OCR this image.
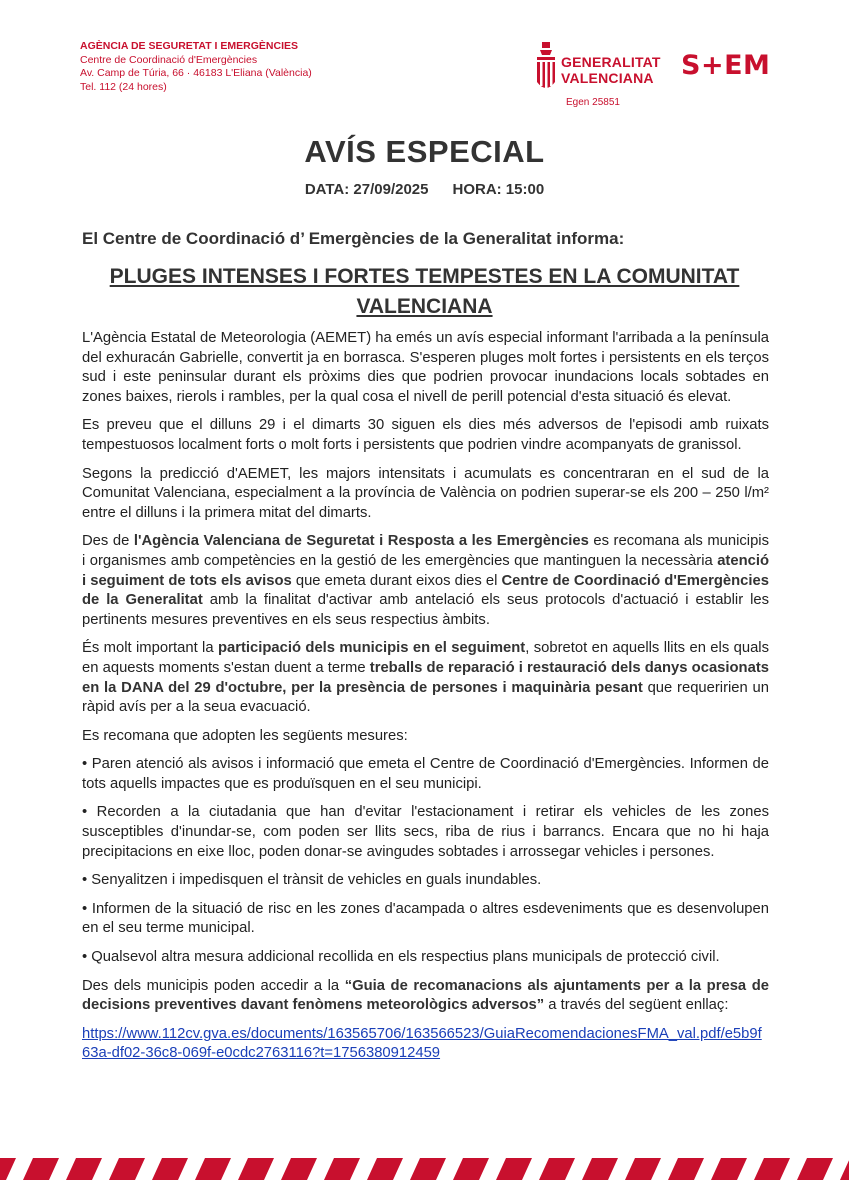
AGÈNCIA DE SEGURETAT I EMERGÈNCIES
Centre de Coordinació d'Emergències
Av. Camp de Túria, 66 · 46183 L'Eliana (València)
Tel. 112 (24 hores)
GENERALITAT
VALENCIANA S+EM
Egen 25851
AVÍS ESPECIAL
DATA: 27/09/2025 HORA: 15:00
El Centre de Coordinació d’ Emergències de la Generalitat informa:
PLUGES INTENSES I FORTES TEMPESTES EN LA COMUNITAT VALENCIANA

L'Agència Estatal de Meteorologia (AEMET) ha emés un avís especial informant l'arribada a la península del exhuracán Gabrielle, convertit ja en borrasca. S'esperen pluges molt fortes i persistents en els terços sud i este peninsular durant els pròxims dies que podrien provocar inundacions locals sobtades en zones baixes, rierols i rambles, per la qual cosa el nivell de perill potencial d'esta situació és elevat.

Es preveu que el dilluns 29 i el dimarts 30 siguen els dies més adversos de l'episodi amb ruixats tempestuosos localment forts o molt forts i persistents que podrien vindre acompanyats de granissol.

Segons la predicció d'AEMET, les majors intensitats i acumulats es concentraran en el sud de la Comunitat Valenciana, especialment a la província de València on podrien superar-se els 200 – 250 l/m² entre el dilluns i la primera mitat del dimarts.

Des de l'Agència Valenciana de Seguretat i Resposta a les Emergències es recomana als municipis i organismes amb competències en la gestió de les emergències que mantinguen la necessària atenció i seguiment de tots els avisos que emeta durant eixos dies el Centre de Coordinació d'Emergències de la Generalitat amb la finalitat d'activar amb antelació els seus protocols d'actuació i establir les pertinents mesures preventives en els seus respectius àmbits.

És molt important la participació dels municipis en el seguiment, sobretot en aquells llits en els quals en aquests moments s'estan duent a terme treballs de reparació i restauració dels danys ocasionats en la DANA del 29 d'octubre, per la presència de persones i maquinària pesant que requeririen un ràpid avís per a la seua evacuació.

Es recomana que adopten les següents mesures:

• Paren atenció als avisos i informació que emeta el Centre de Coordinació d'Emergències. Informen de tots aquells impactes que es produïsquen en el seu municipi.

• Recorden a la ciutadania que han d'evitar l'estacionament i retirar els vehicles de les zones susceptibles d'inundar-se, com poden ser llits secs, riba de rius i barrancs. Encara que no hi haja precipitacions en eixe lloc, poden donar-se avingudes sobtades i arrossegar vehicles i persones.

• Senyalitzen i impedisquen el trànsit de vehicles en guals inundables.

• Informen de la situació de risc en les zones d'acampada o altres esdeveniments que es desenvolupen en el seu terme municipal.

• Qualsevol altra mesura addicional recollida en els respectius plans municipals de protecció civil.

Des dels municipis poden accedir a la “Guia de recomanacions als ajuntaments per a la presa de decisions preventives davant fenòmens meteorològics adversos” a través del següent enllaç:

https://www.112cv.gva.es/documents/163565706/163566523/GuiaRecomendacionesFMA_val.pdf/e5b9f63a-df02-36c8-069f-e0cdc2763116?t=1756380912459
